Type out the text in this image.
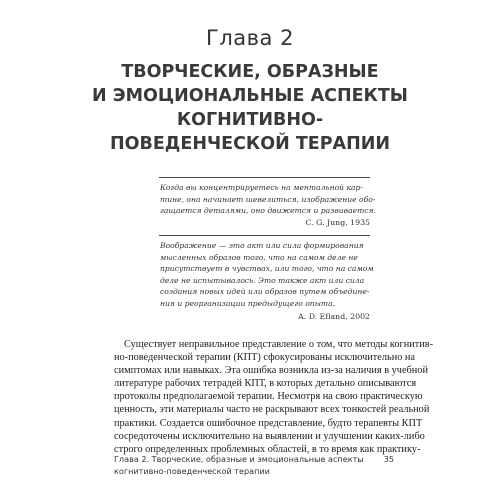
Глава 2
ТВОРЧЕСКИЕ, ОБРАЗНЫЕ
И ЭМОЦИОНАЛЬНЫЕ АСПЕКТЫ
КОГНИТИВНО-
ПОВЕДЕНЧЕСКОЙ ТЕРАПИИ
Когда вы концентрируетесь на ментальной кар-
тине, она начинает шевелиться, изображение обо-
гащается деталями, оно движется и развивается.
C. G. Jung, 1935
Воображение — это акт или сила формирования
мысленных образов того, что на самом деле не
присутствует в чувствах, или того, что на самом
деле не испытывалось. Это также акт или сила
создания новых идей или образов путем объедине-
ния и реорганизации предыдущего опыта.
A. D. Efland, 2002
Существует неправильное представление о том, что методы когнитив-
но-поведенческой терапии (КПТ) сфокусированы исключительно на
симптомах или навыках. Эта ошибка возникла из-за наличия в учебной
литературе рабочих тетрадей КПТ, в которых детально описываются
протоколы предполагаемой терапии. Несмотря на свою практическую
ценность, эти материалы часто не раскрывают всех тонкостей реальной
практики. Создается ошибочное представление, будто терапевты КПТ
сосредоточены исключительно на выявлении и улучшении каких-либо
строго определенных проблемных областей, в то время как практику-
Глава 2. Творческие, образные и эмоциональные аспекты
когнитивно-поведенческой терапии
35
